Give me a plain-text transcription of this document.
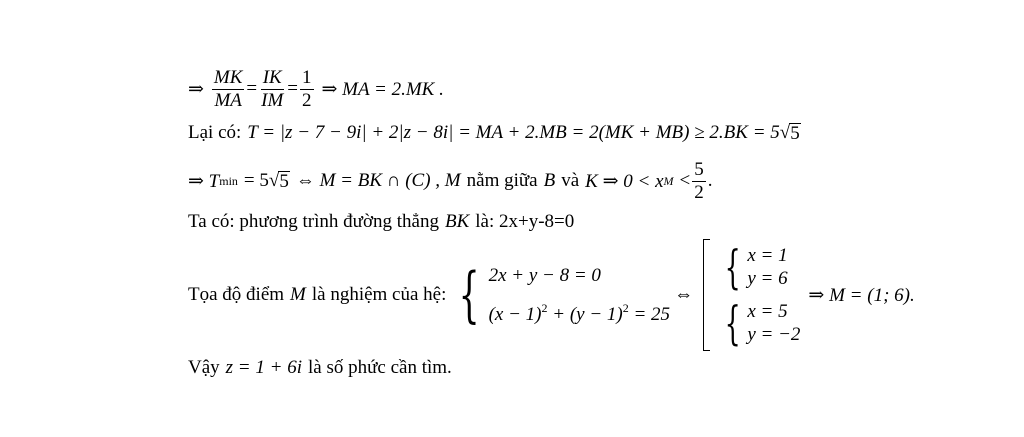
⇒ $\frac{MK}{MA} = \frac{IK}{IM} = \frac{1}{2}$ ⇒ MA = 2.MK .
Lại có: T = |z − 7 − 9i| + 2|z − 8i| = MA + 2.MB = 2(MK + MB) ≥ 2.BK = 5 √ 5
⇒ T min = 5 √ 5 ⇔ M = BK ∩ (C) , M nằm giữa B và K ⇒ 0 < x $M < \frac{5}{2}$ .
Ta có: phương trình đường thẳng BK là: 2x+y-8=0
Tọa độ điểm M là nghiệm của hệ: { 2x + y − 8 = 0
$(x - 1)^2 + (y - 1)^2 = 25$
⇔
{ x = 1
y = 6
{ x = 5
y = −2
⇒ M = (1; 6).
Vậy z = 1 + 6i là số phức cần tìm.
